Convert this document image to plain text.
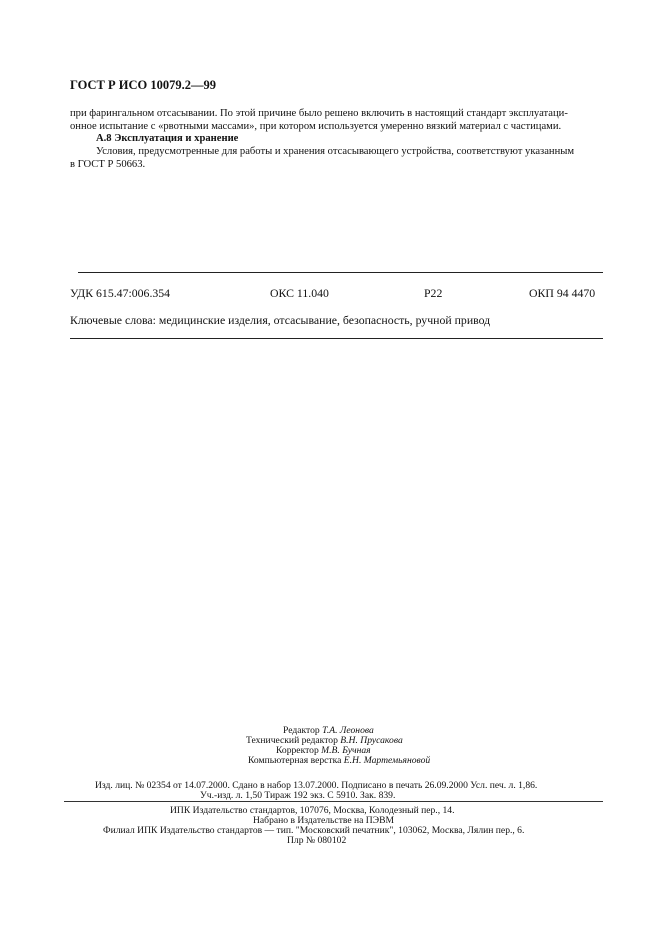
ГОСТ Р ИСО 10079.2—99
при фарингальном отсасывании. По этой причине было решено включить в настоящий стандарт эксплуатаци-
онное испытание с «рвотными массами», при котором используется умеренно вязкий материал с частицами.
А.8 Эксплуатация и хранение
Условия, предусмотренные для работы и хранения отсасывающего устройства, соответствуют указанным
в ГОСТ Р 50663.
УДК 615.47:006.354	ОКС 11.040	Р22	ОКП 94 4470
Ключевые слова: медицинские изделия, отсасывание, безопасность, ручной привод
Редактор Т.А. Леонова
Технический редактор В.Н. Прусакова
Корректор М.В. Бучная
Компьютерная верстка Е.Н. Мартемьяновой
Изд. лиц. № 02354 от 14.07.2000. Сдано в набор 13.07.2000. Подписано в печать 26.09.2000 Усл. печ. л. 1,86.
Уч.-изд. л. 1,50 Тираж 192 экз. С 5910. Зак. 839.
ИПК Издательство стандартов, 107076, Москва, Колодезный пер., 14.
Набрано в Издательстве на ПЭВМ
Филиал ИПК Издательство стандартов — тип. "Московский печатник", 103062, Москва, Лялин пер., 6.
Плр № 080102
